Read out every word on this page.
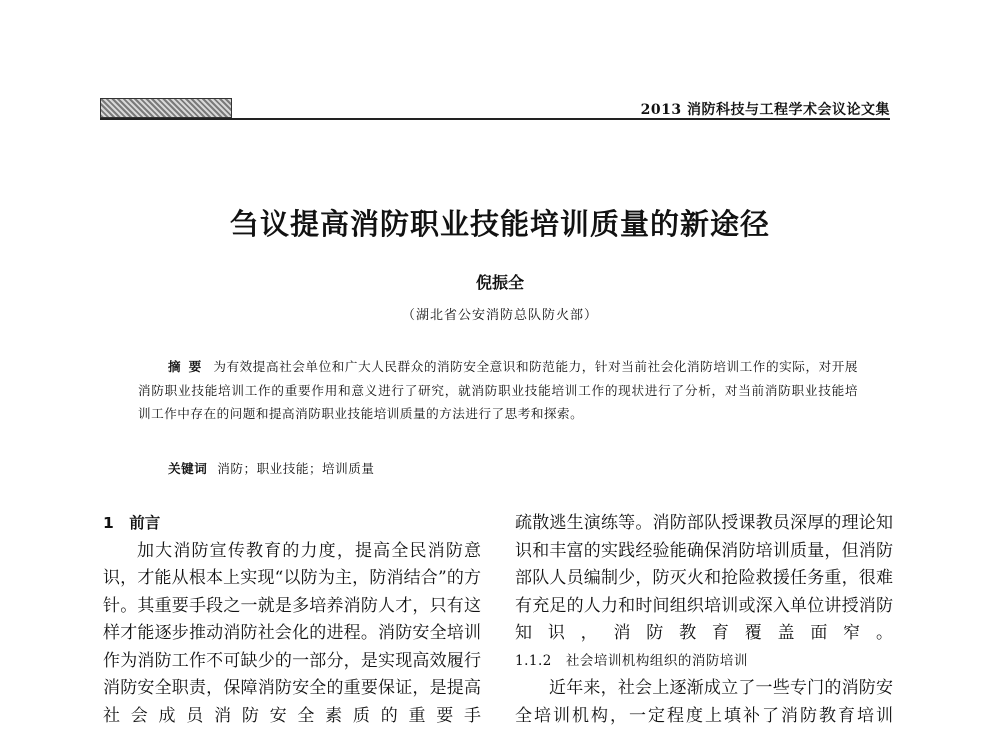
2013 消防科技与工程学术会议论文集
刍议提高消防职业技能培训质量的新途径
倪振全
（湖北省公安消防总队防火部）
摘要 为有效提高社会单位和广大人民群众的消防安全意识和防范能力，针对当前社会化消防培训工作的实际，对开展消防职业技能培训工作的重要作用和意义进行了研究，就消防职业技能培训工作的现状进行了分析，对当前消防职业技能培训工作中存在的问题和提高消防职业技能培训质量的方法进行了思考和探索。
关键词 消防；职业技能；培训质量

1　前言

加大消防宣传教育的力度，提高全民消防意识，才能从根本上实现“以防为主，防消结合”的方针。其重要手段之一就是多培养消防人才，只有这样才能逐步推动消防社会化的进程。消防安全培训作为消防工作不可缺少的一部分，是实现高效履行消防安全职责，保障消防安全的重要保证，是提高社会成员消防安全素质的重要手

疏散逃生演练等。消防部队授课教员深厚的理论知识和丰富的实践经验能确保消防培训质量，但消防部队人员编制少，防灭火和抢险救援任务重，很难有充足的人力和时间组织培训或深入单位讲授消防知识，消防教育覆盖面窄。

1.1.2　社会培训机构组织的消防培训

近年来，社会上逐渐成立了一些专门的消防安全培训机构，一定程度上填补了消防教育培训
